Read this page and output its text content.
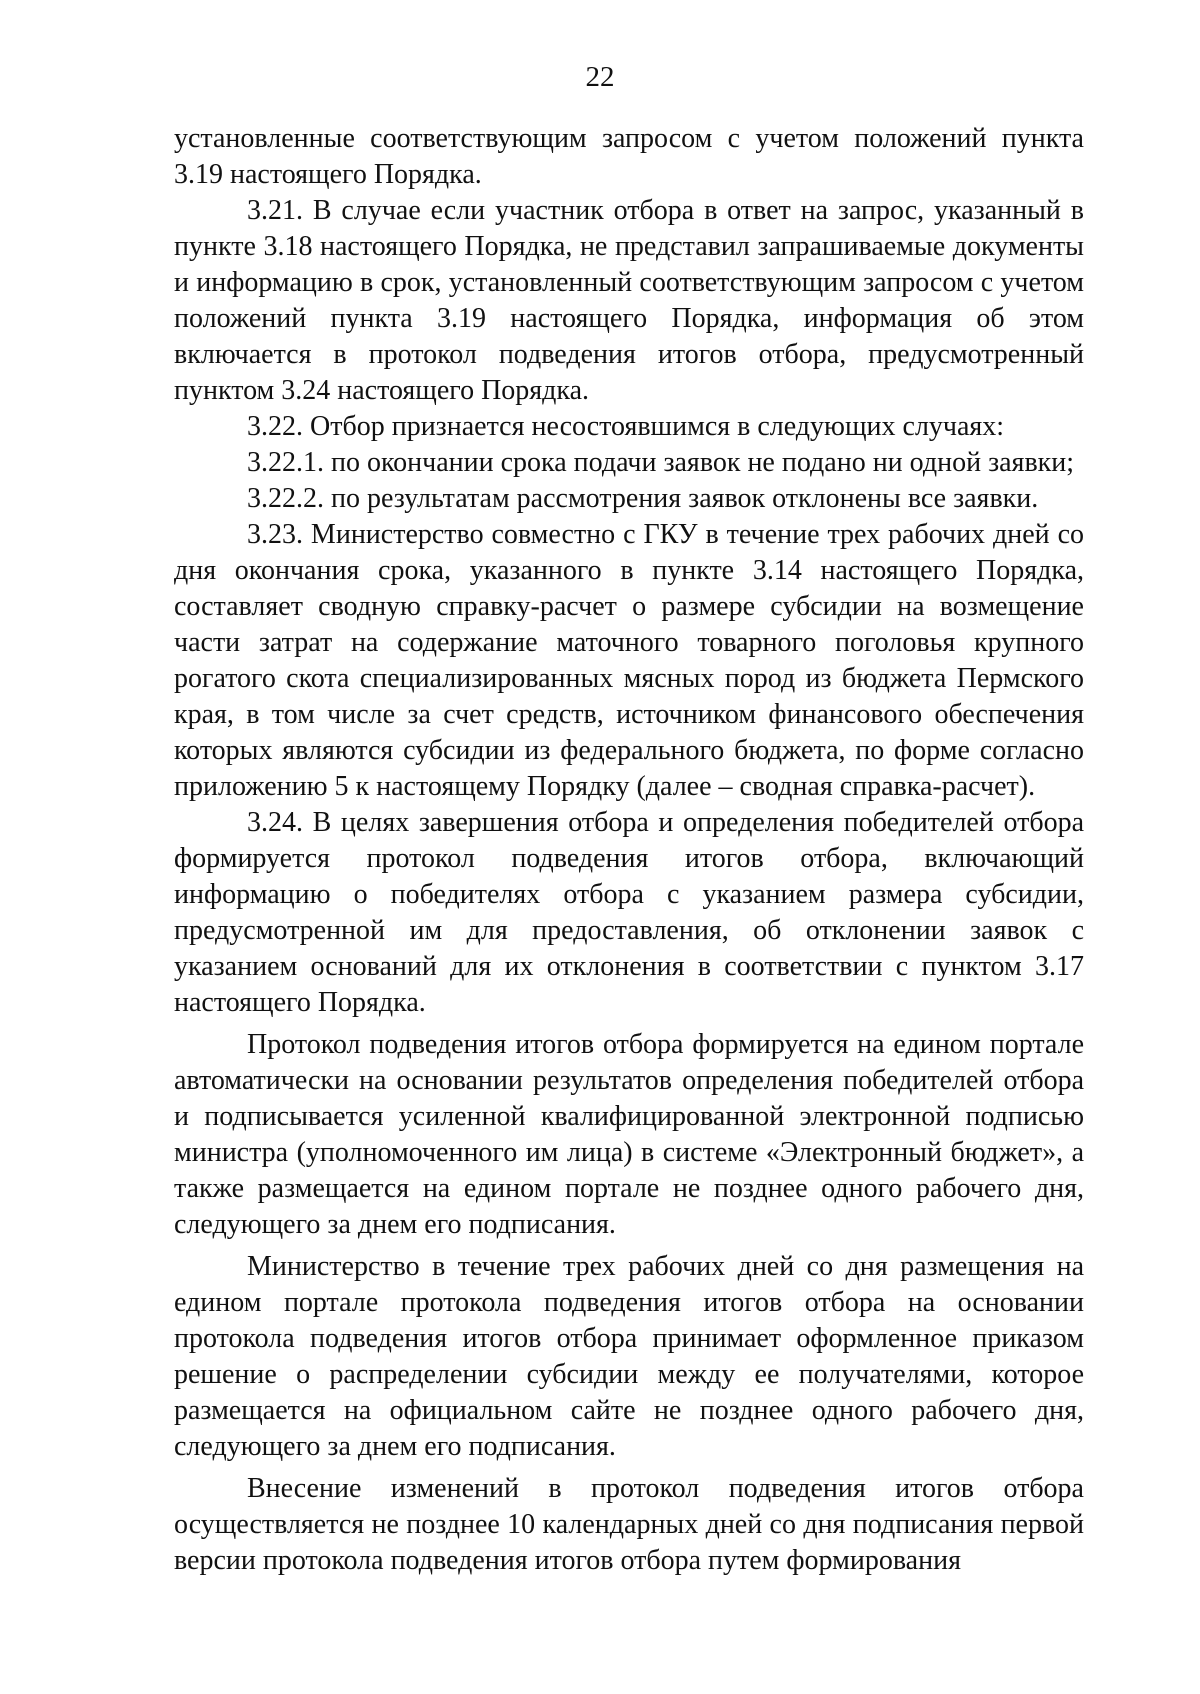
22

установленные соответствующим запросом с учетом положений пункта 3.19 настоящего Порядка.

3.21. В случае если участник отбора в ответ на запрос, указанный в пункте 3.18 настоящего Порядка, не представил запрашиваемые документы и информацию в срок, установленный соответствующим запросом с учетом положений пункта 3.19 настоящего Порядка, информация об этом включается в протокол подведения итогов отбора, предусмотренный пунктом 3.24 настоящего Порядка.

3.22. Отбор признается несостоявшимся в следующих случаях:

3.22.1. по окончании срока подачи заявок не подано ни одной заявки;

3.22.2. по результатам рассмотрения заявок отклонены все заявки.

3.23. Министерство совместно с ГКУ в течение трех рабочих дней со дня окончания срока, указанного в пункте 3.14 настоящего Порядка, составляет сводную справку-расчет о размере субсидии на возмещение части затрат на содержание маточного товарного поголовья крупного рогатого скота специализированных мясных пород из бюджета Пермского края, в том числе за счет средств, источником финансового обеспечения которых являются субсидии из федерального бюджета, по форме согласно приложению 5 к настоящему Порядку (далее – сводная справка-расчет).

3.24. В целях завершения отбора и определения победителей отбора формируется протокол подведения итогов отбора, включающий информацию о победителях отбора с указанием размера субсидии, предусмотренной им для предоставления, об отклонении заявок с указанием оснований для их отклонения в соответствии с пунктом 3.17 настоящего Порядка.

Протокол подведения итогов отбора формируется на едином портале автоматически на основании результатов определения победителей отбора и подписывается усиленной квалифицированной электронной подписью министра (уполномоченного им лица) в системе «Электронный бюджет», а также размещается на едином портале не позднее одного рабочего дня, следующего за днем его подписания.

Министерство в течение трех рабочих дней со дня размещения на едином портале протокола подведения итогов отбора на основании протокола подведения итогов отбора принимает оформленное приказом решение о распределении субсидии между ее получателями, которое размещается на официальном сайте не позднее одного рабочего дня, следующего за днем его подписания.

Внесение изменений в протокол подведения итогов отбора осуществляется не позднее 10 календарных дней со дня подписания первой версии протокола подведения итогов отбора путем формирования
